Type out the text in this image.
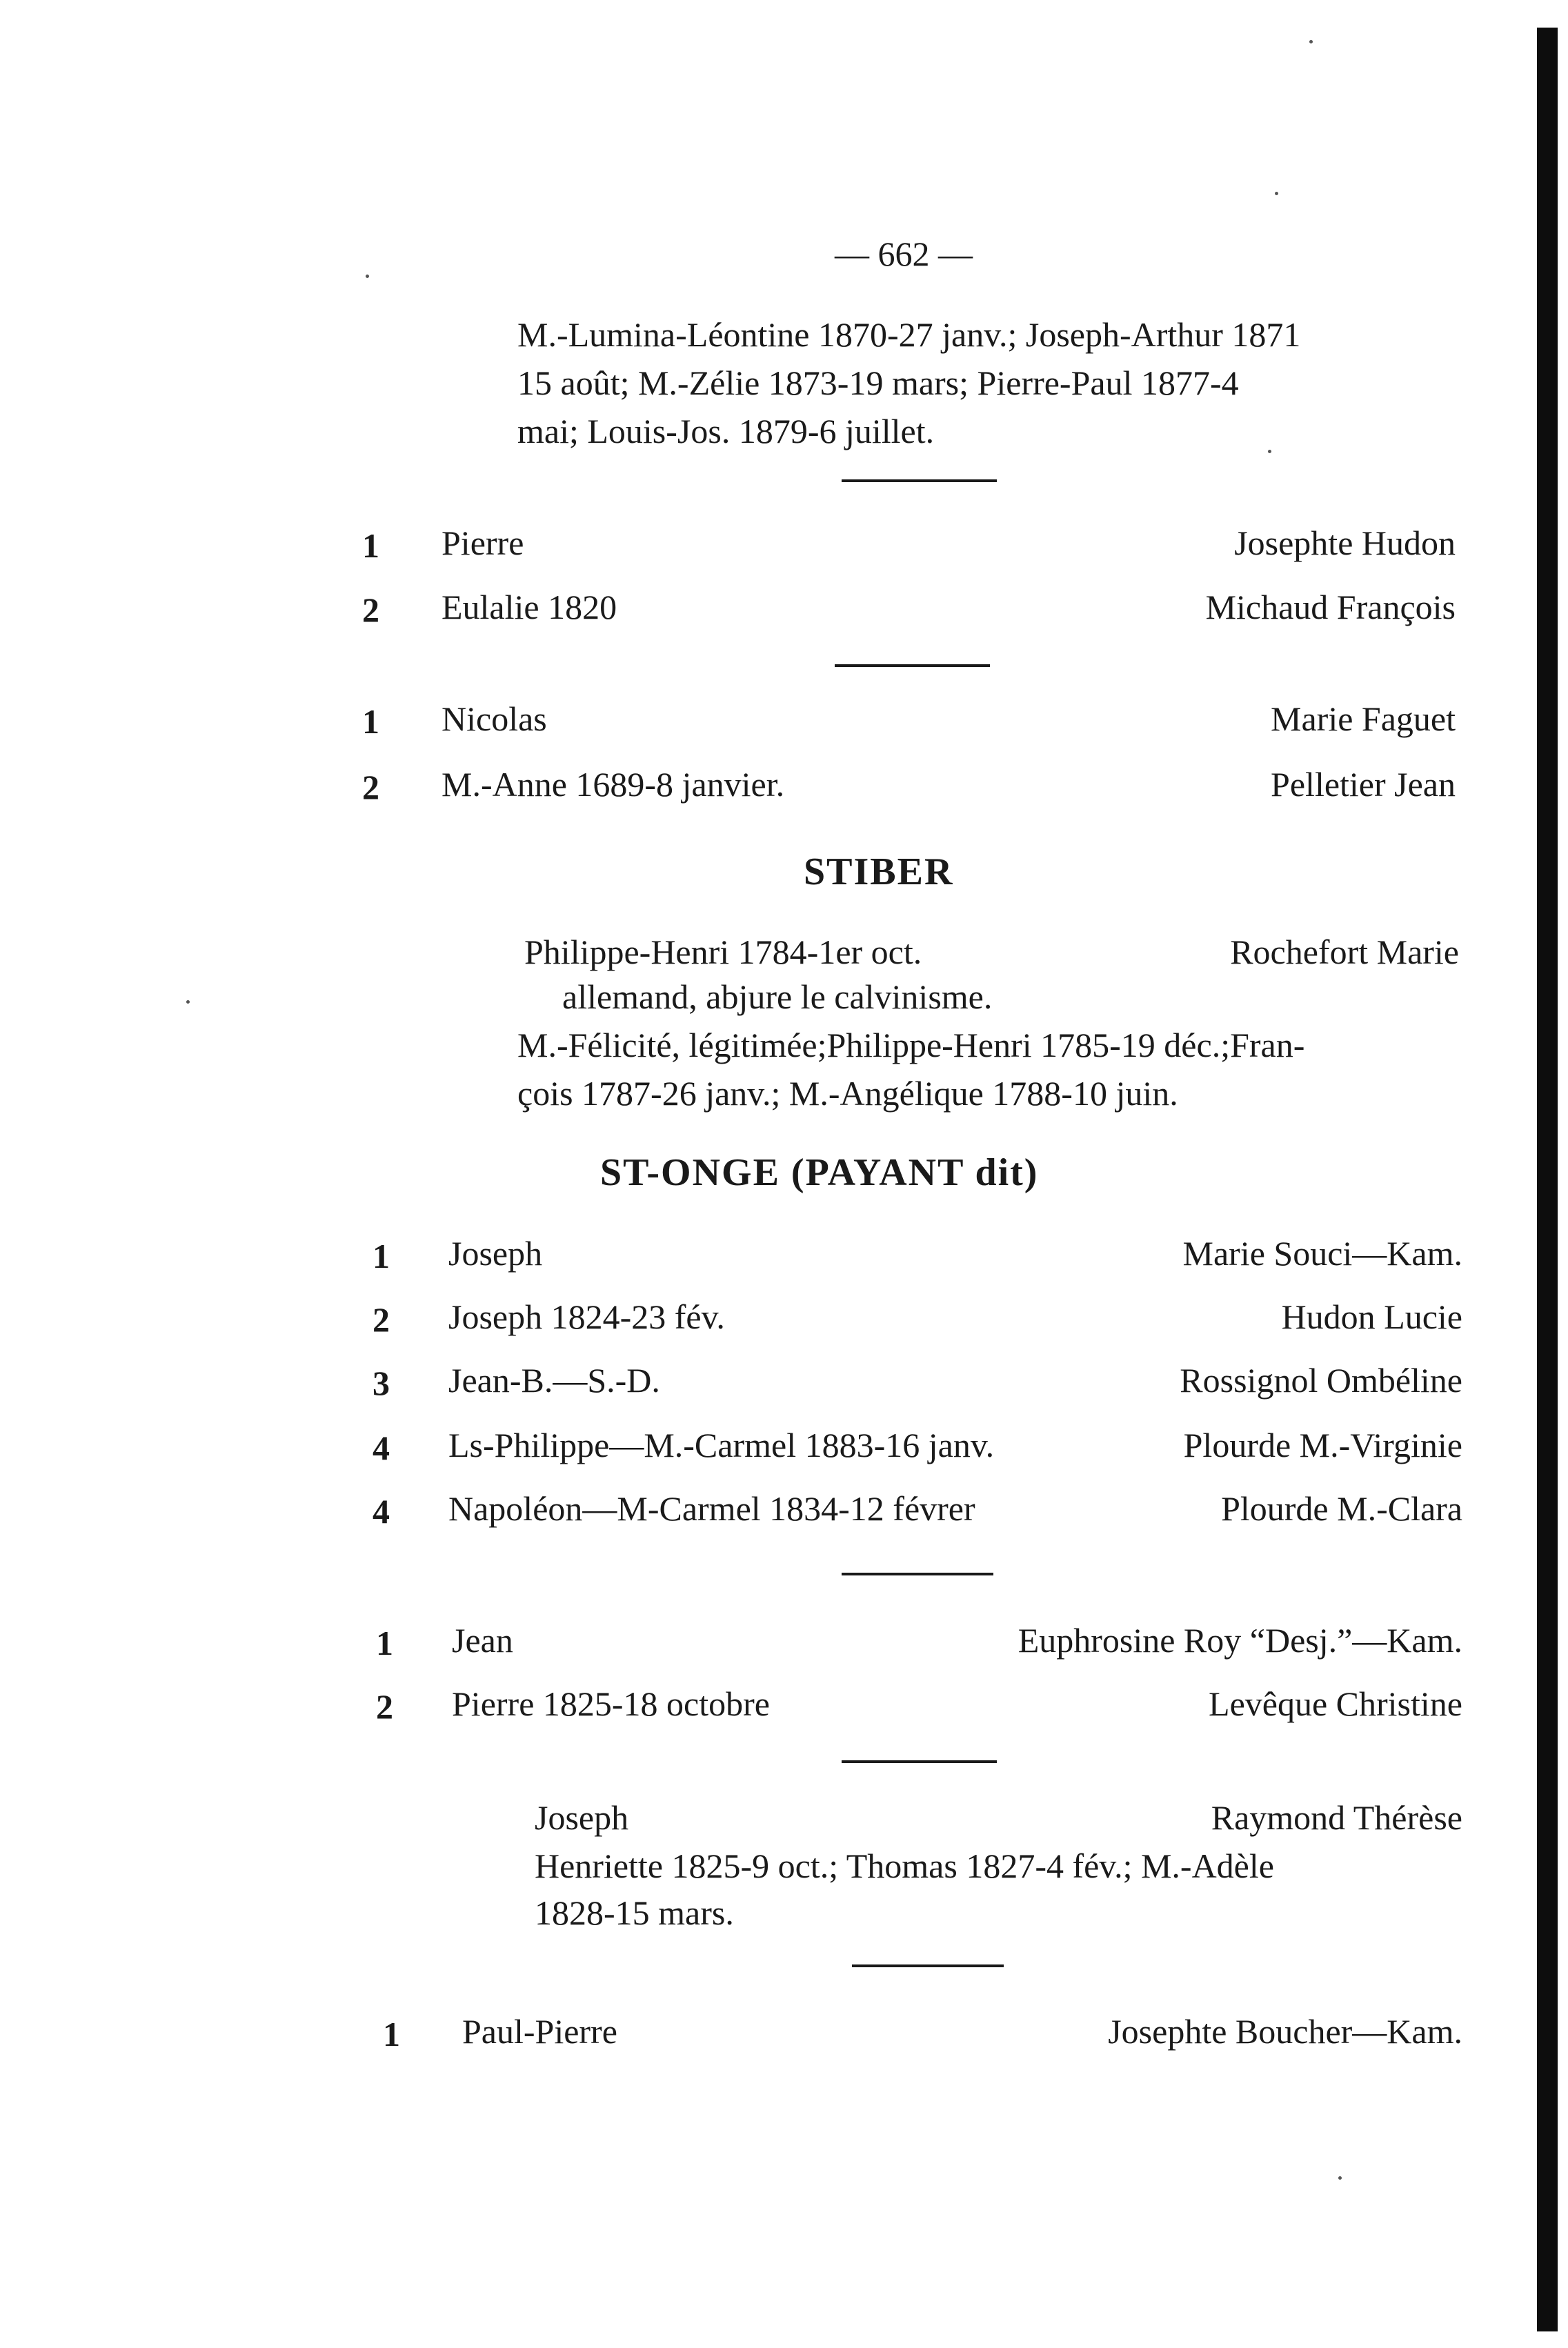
— 662 —
M.-Lumina-Léontine 1870-27 janv.; Joseph-Arthur 1871
15 août; M.-Zélie 1873-19 mars; Pierre-Paul 1877-4
mai; Louis-Jos. 1879-6 juillet.
1 Pierre	Josephte Hudon
2 Eulalie 1820	Michaud François
1 Nicolas	Marie Faguet
2 M.-Anne 1689-8 janvier.	Pelletier Jean
STIBER
Philippe-Henri 1784-1er oct.	Rochefort Marie
allemand, abjure le calvinisme.
M.-Félicité, légitimée;Philippe-Henri 1785-19 déc.;Fran-
çois 1787-26 janv.; M.-Angélique 1788-10 juin.
ST-ONGE (PAYANT dit)
1 Joseph	Marie Souci—Kam.
2 Joseph 1824-23 fév.	Hudon Lucie
3 Jean-B.—S.-D.	Rossignol Ombéline
4 Ls-Philippe—M.-Carmel 1883-16 janv.	Plourde M.-Virginie
4 Napoléon—M-Carmel 1834-12 févrer	Plourde M.-Clara
1 Jean	Euphrosine Roy “Desj.”—Kam.
2 Pierre 1825-18 octobre	Levêque Christine
Joseph	Raymond Thérèse
Henriette 1825-9 oct.; Thomas 1827-4 fév.; M.-Adèle
1828-15 mars.
1 Paul-Pierre	Josephte Boucher—Kam.
